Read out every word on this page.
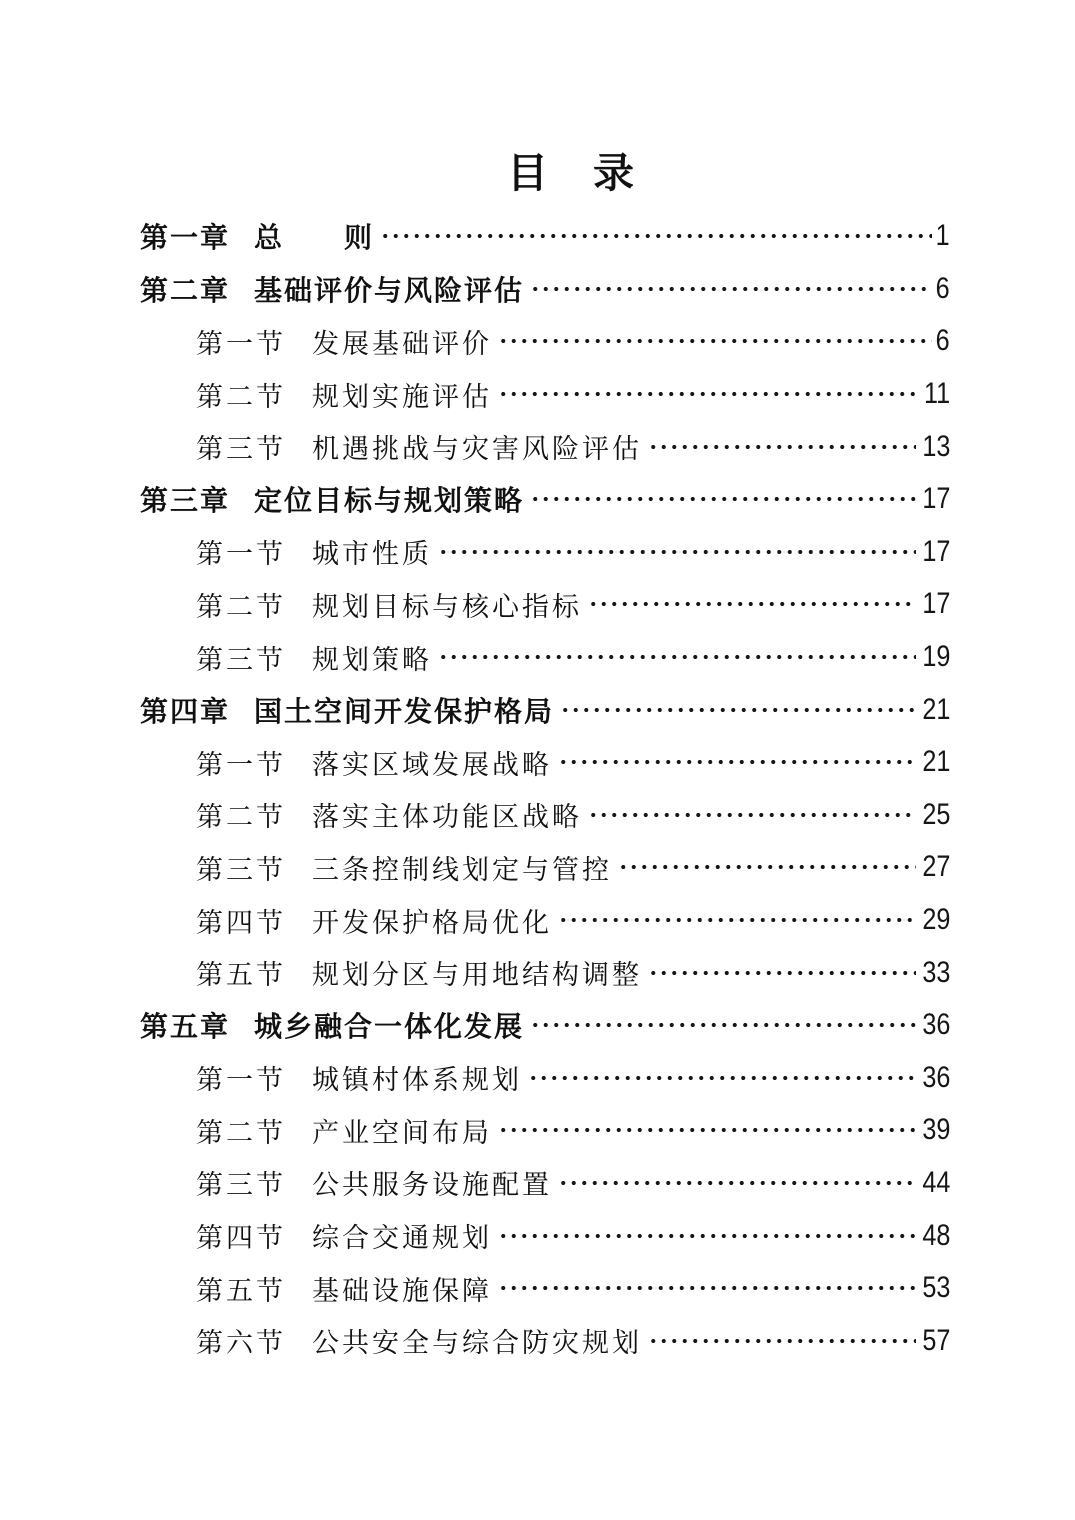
目　录
第一章 总　　则	1
第二章 基础评价与风险评估	6
第一节 发展基础评价	6
第二节 规划实施评估	11
第三节 机遇挑战与灾害风险评估	13
第三章 定位目标与规划策略	17
第一节 城市性质	17
第二节 规划目标与核心指标	17
第三节 规划策略	19
第四章 国土空间开发保护格局	21
第一节 落实区域发展战略	21
第二节 落实主体功能区战略	25
第三节 三条控制线划定与管控	27
第四节 开发保护格局优化	29
第五节 规划分区与用地结构调整	33
第五章 城乡融合一体化发展	36
第一节 城镇村体系规划	36
第二节 产业空间布局	39
第三节 公共服务设施配置	44
第四节 综合交通规划	48
第五节 基础设施保障	53
第六节 公共安全与综合防灾规划	57
